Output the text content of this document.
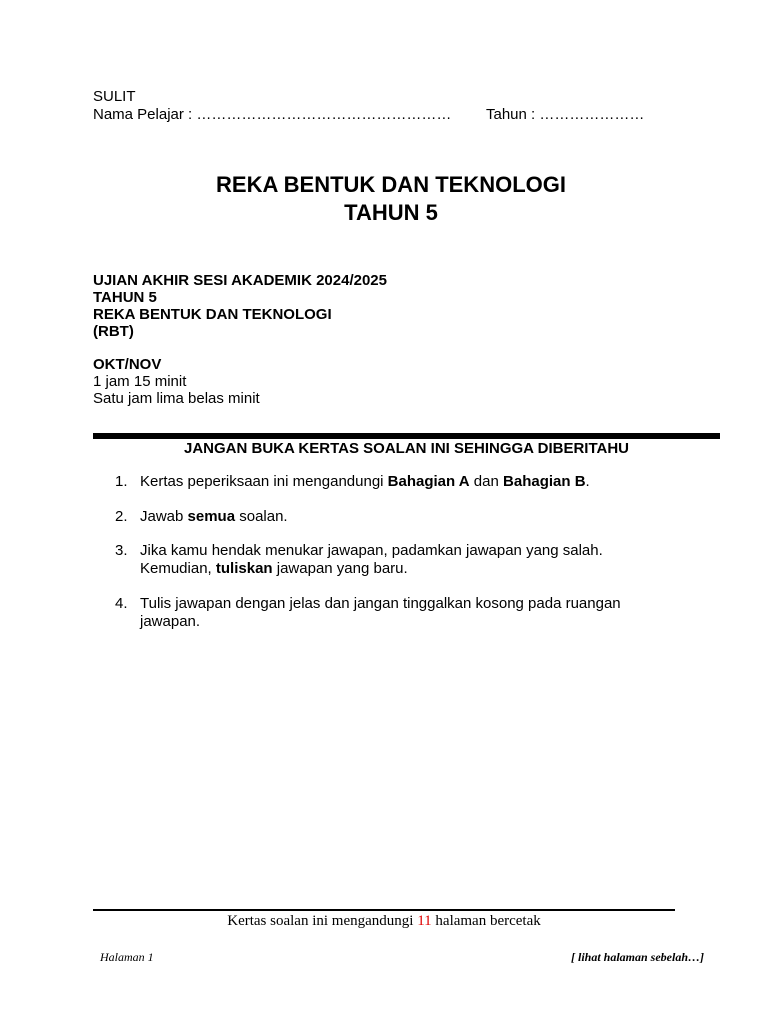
SULIT
Nama Pelajar : …………………………………………… Tahun : …………………
REKA BENTUK DAN TEKNOLOGI
TAHUN 5
UJIAN AKHIR SESI AKADEMIK 2024/2025
TAHUN 5
REKA BENTUK DAN TEKNOLOGI
(RBT)
OKT/NOV
1 jam 15 minit
Satu jam lima belas minit
JANGAN BUKA KERTAS SOALAN INI SEHINGGA DIBERITAHU
1. Kertas peperiksaan ini mengandungi Bahagian A dan Bahagian B.
2. Jawab semua soalan.
3. Jika kamu hendak menukar jawapan, padamkan jawapan yang salah.
Kemudian, tuliskan jawapan yang baru.
4. Tulis jawapan dengan jelas dan jangan tinggalkan kosong pada ruangan
jawapan.
Kertas soalan ini mengandungi 11 halaman bercetak
Halaman 1	[ lihat halaman sebelah…]
